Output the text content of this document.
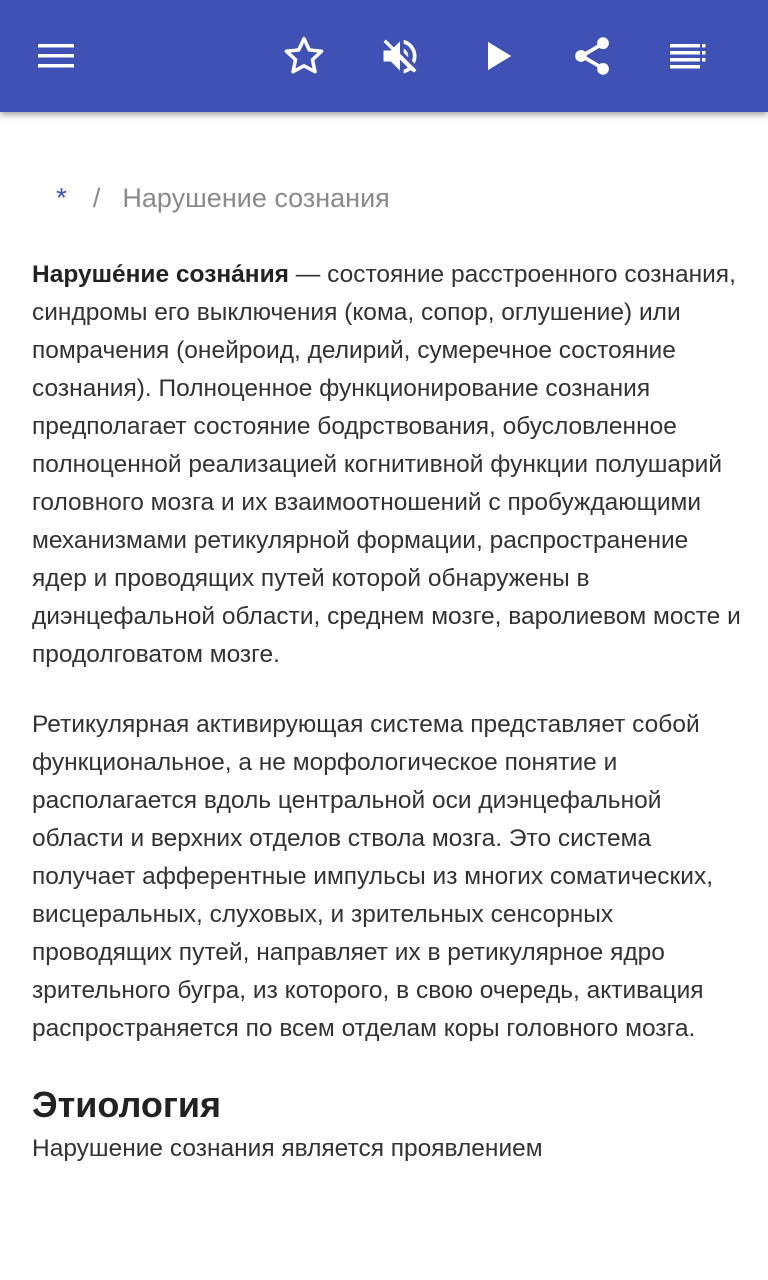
* / Нарушение сознания

Наруше́ние созна́ния — состояние расстроенного сознания, синдромы его выключения (кома, сопор, оглушение) или помрачения (онейроид, делирий, сумеречное состояние сознания). Полноценное функционирование сознания предполагает состояние бодрствования, обусловленное полноценной реализацией когнитивной функции полушарий головного мозга и их взаимоотношений с пробуждающими механизмами ретикулярной формации, распространение ядер и проводящих путей которой обнаружены в диэнцефальной области, среднем мозге, варолиевом мосте и продолговатом мозге.

Ретикулярная активирующая система представляет собой функциональное, а не морфологическое понятие и располагается вдоль центральной оси диэнцефальной области и верхних отделов ствола мозга. Это система получает афферентные импульсы из многих соматических, висцеральных, слуховых, и зрительных сенсорных проводящих путей, направляет их в ретикулярное ядро зрительного бугра, из которого, в свою очередь, активация распространяется по всем отделам коры головного мозга.

Этиология

Нарушение сознания является проявлением
